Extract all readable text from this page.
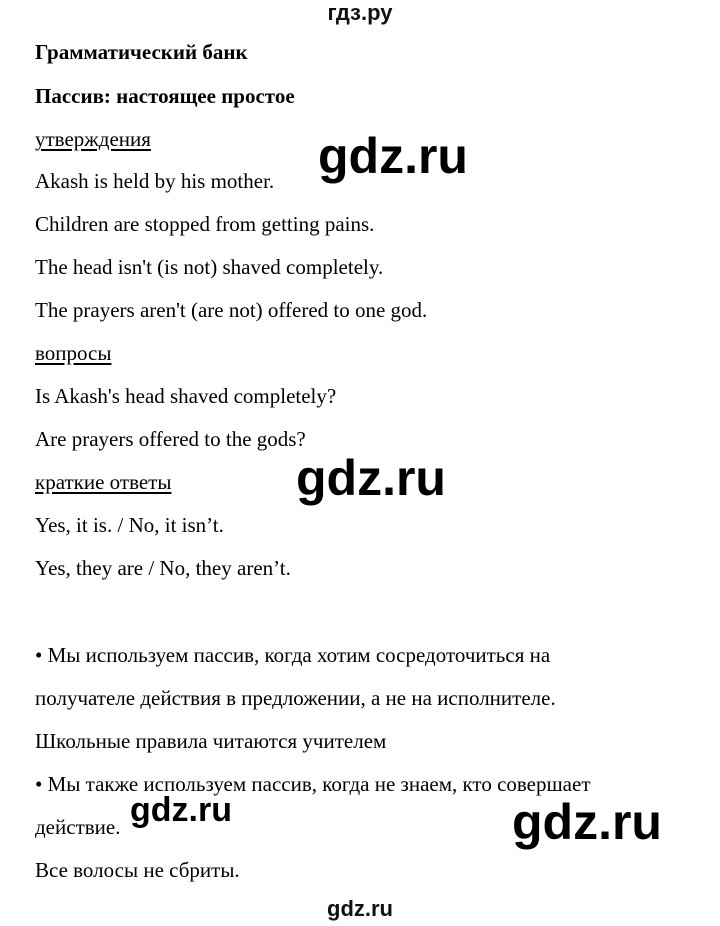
гдз.ру
Грамматический банк
Пассив: настоящее простое
утверждения
Akash is held by his mother.
Children are stopped from getting pains.
The head isn't (is not) shaved completely.
The prayers aren't (are not) offered to one god.
вопросы
Is Akash's head shaved completely?
Are prayers offered to the gods?
краткие ответы
Yes, it is. / No, it isn’t.
Yes, they are / No, they aren’t.
• Мы используем пассив, когда хотим сосредоточиться на
получателе действия в предложении, а не на исполнителе.
Школьные правила читаются учителем
• Мы также используем пассив, когда не знаем, кто совершает
действие.
Все волосы не сбриты.
gdz.ru
gdz.ru
gdz.ru	gdz.ru
gdz.ru
